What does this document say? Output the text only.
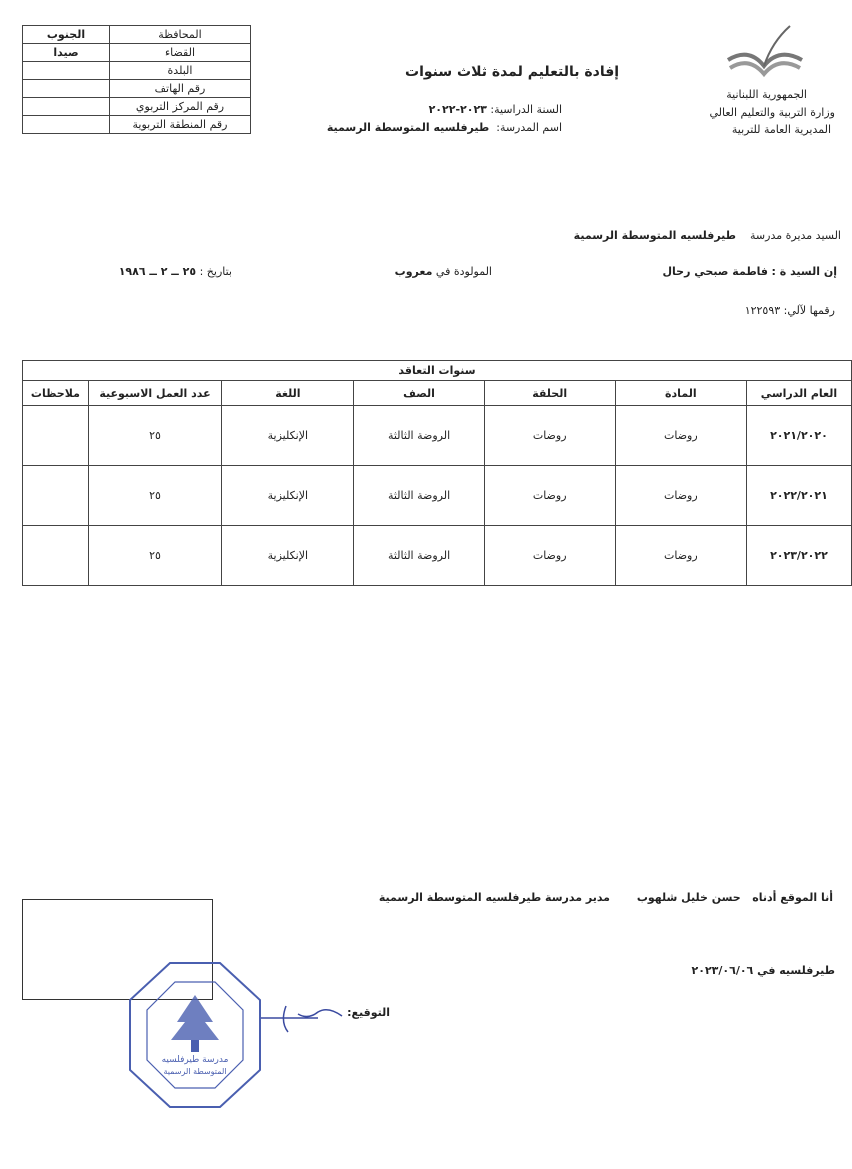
الجمهورية اللبنانية
وزارة التربية والتعليم العالي
المديرية العامة للتربية
إفادة بالتعليم لمدة ثلاث سنوات
السنة الدراسية: ٢٠٢٣-٢٠٢٢
اسم المدرسة:  طيرفلسيه المتوسطة الرسمية
الجنوب	المحافظة
صيدا	القضاء
	البلدة
	رقم الهاتف
	رقم المركز التربوي
	رقم المنطقة التربوية
السيد مديرة مدرسة    طيرفلسيه المتوسطة الرسمية
إن السيد ة : فاطمة صبحي رحال
المولودة في معروب
بتاريخ : ٢٥ ــ ٢ ــ ١٩٨٦
رقمها لآلي: ١٢٢٥٩٣
سنوات التعاقد						
العام الدراسي	المادة	الحلقة	الصف	اللغة	عدد العمل الاسبوعية	ملاحظات
٢٠٢١/٢٠٢٠	روضات	روضات	الروضة الثالثة	الإنكليزية	٢٥	
٢٠٢٢/٢٠٢١	روضات	روضات	الروضة الثالثة	الإنكليزية	٢٥	
٢٠٢٣/٢٠٢٢	روضات	روضات	الروضة الثالثة	الإنكليزية	٢٥	
أنا الموقع أدناه   حسن خليل شلهوب       مدير مدرسة طيرفلسيه المتوسطة الرسمية
طيرفلسيه في ٢٠٢٣/٠٦/٠٦
التوقيع:
مدرسة طيرفلسيه
المتوسطة الرسمية
